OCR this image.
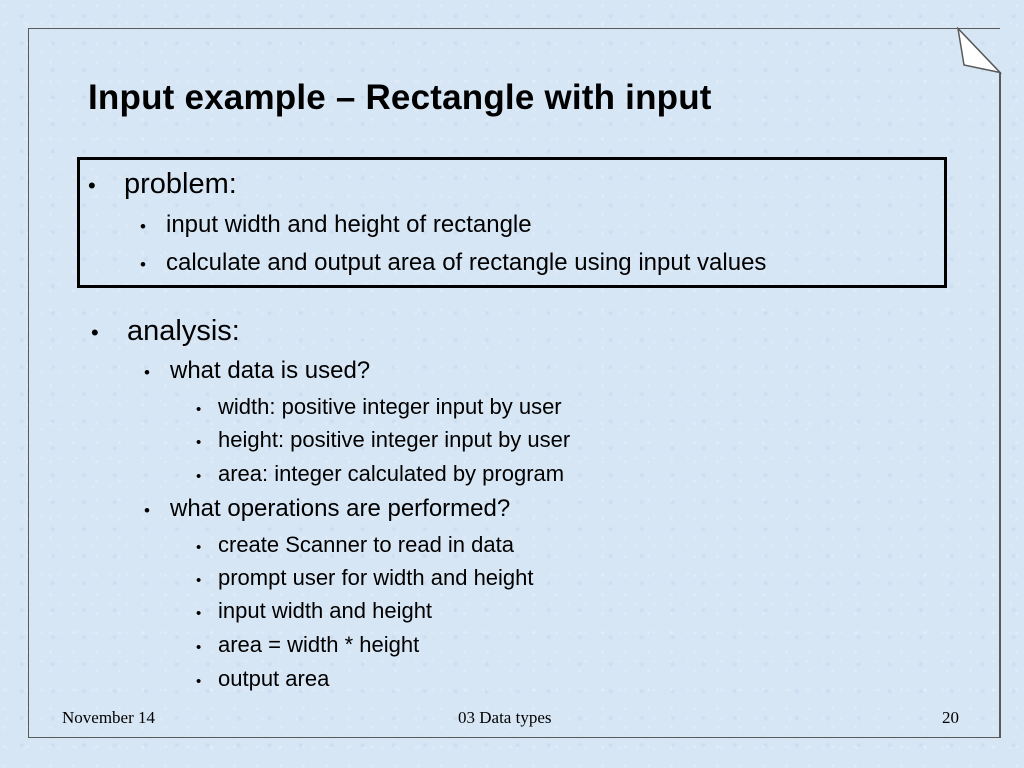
Input example – Rectangle with input
• problem:
• input width and height of rectangle
• calculate and output area of rectangle using input values
• analysis:
• what data is used?
• width: positive integer input by user
• height: positive integer input by user
• area: integer calculated by program
• what operations are performed?
• create Scanner to read in data
• prompt user for width and height
• input width and height
• area = width * height
• output area
November 14	03 Data types	20
